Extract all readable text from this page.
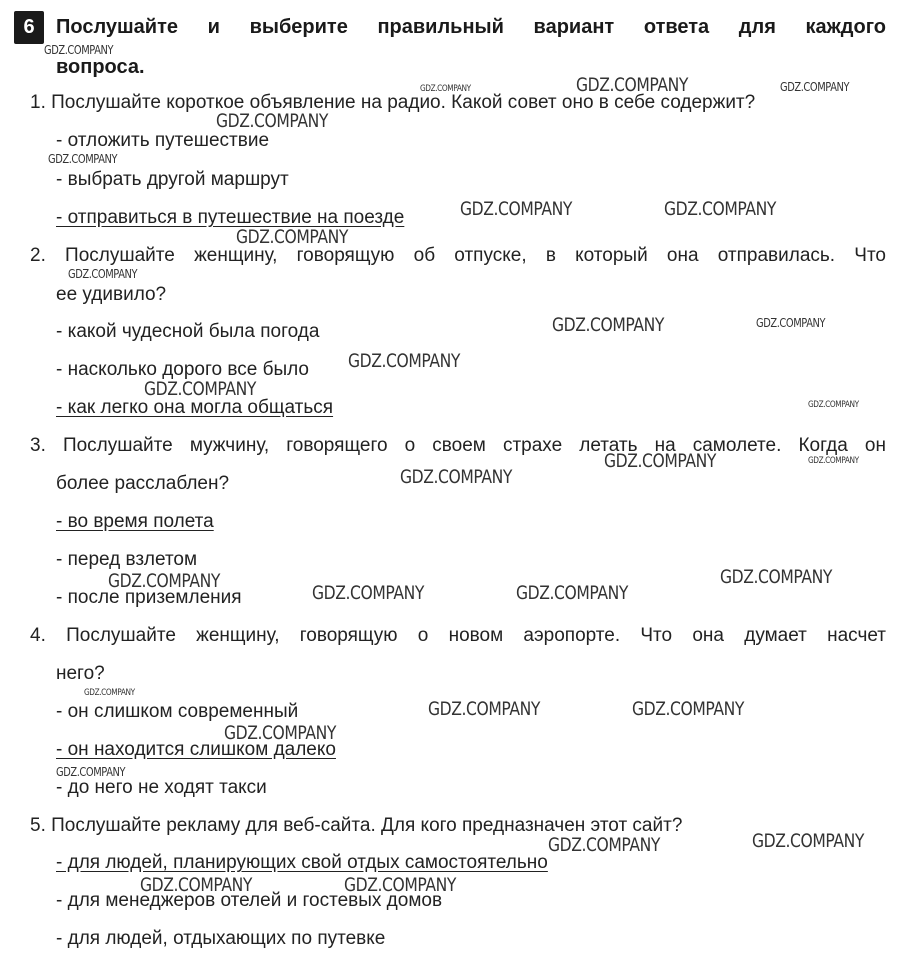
6	Послушайте и выберите правильный вариант ответа для каждого
вопроса.
1. Послушайте короткое объявление на радио. Какой совет оно в себе содержит?
- отложить путешествие
- выбрать другой маршрут
- отправиться в путешествие на поезде
2. Послушайте женщину, говорящую об отпуске, в который она отправилась. Что
ее удивило?
- какой чудесной была погода
- насколько дорого все было
- как легко она могла общаться
3. Послушайте мужчину, говорящего о своем страхе летать на самолете. Когда он
более расслаблен?
- во время полета
- перед взлетом
- после приземления
4. Послушайте женщину, говорящую о новом аэропорте. Что она думает насчет
него?
- он слишком современный
- он находится слишком далеко
- до него не ходят такси
5. Послушайте рекламу для веб-сайта. Для кого предназначен этот сайт?
- для людей, планирующих свой отдых самостоятельно
- для менеджеров отелей и гостевых домов
- для людей, отдыхающих по путевке
GDZ.COMPANY
GDZ.COMPANY	GDZ.COMPANY	GDZ.COMPANY
GDZ.COMPANY
GDZ.COMPANY
GDZ.COMPANY	GDZ.COMPANY
GDZ.COMPANY
GDZ.COMPANY
GDZ.COMPANY	GDZ.COMPANY
GDZ.COMPANY
GDZ.COMPANY
GDZ.COMPANY
GDZ.COMPANY	GDZ.COMPANY
GDZ.COMPANY
GDZ.COMPANY
GDZ.COMPANY
GDZ.COMPANY	GDZ.COMPANY
GDZ.COMPANY
GDZ.COMPANY	GDZ.COMPANY
GDZ.COMPANY
GDZ.COMPANY
GDZ.COMPANY
GDZ.COMPANY
GDZ.COMPANY	GDZ.COMPANY
